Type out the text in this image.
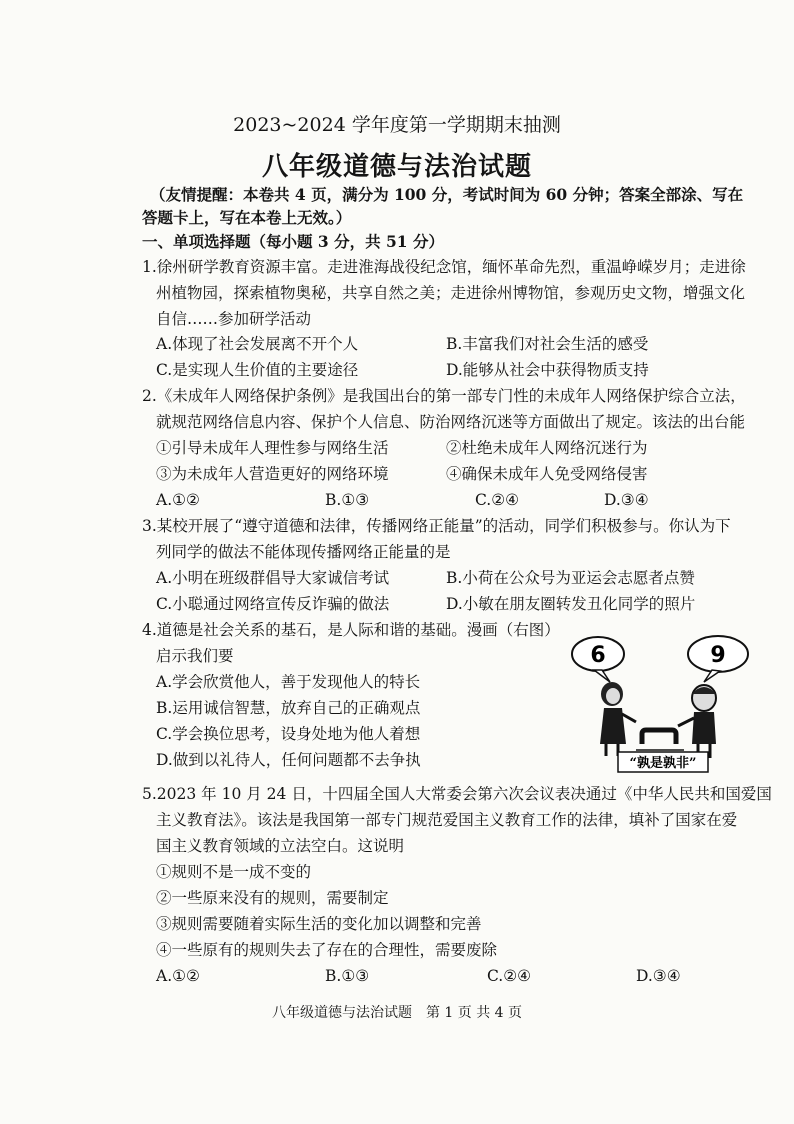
2023~2024 学年度第一学期期末抽测
八年级道德与法治试题
（友情提醒：本卷共 4 页，满分为 100 分，考试时间为 60 分钟；答案全部涂、写在
答题卡上，写在本卷上无效。）
一、单项选择题（每小题 3 分，共 51 分）
1.徐州研学教育资源丰富。走进淮海战役纪念馆，缅怀革命先烈，重温峥嵘岁月；走进徐
州植物园，探索植物奥秘，共享自然之美；走进徐州博物馆，参观历史文物，增强文化
自信……参加研学活动
A.体现了社会发展离不开个人	B.丰富我们对社会生活的感受
C.是实现人生价值的主要途径	D.能够从社会中获得物质支持
2.《未成年人网络保护条例》是我国出台的第一部专门性的未成年人网络保护综合立法，
就规范网络信息内容、保护个人信息、防治网络沉迷等方面做出了规定。该法的出台能
①引导未成年人理性参与网络生活	②杜绝未成年人网络沉迷行为
③为未成年人营造更好的网络环境	④确保未成年人免受网络侵害
A.①②	B.①③	C.②④	D.③④
3.某校开展了“遵守道德和法律，传播网络正能量”的活动，同学们积极参与。你认为下
列同学的做法不能体现传播网络正能量的是
A.小明在班级群倡导大家诚信考试	B.小荷在公众号为亚运会志愿者点赞
C.小聪通过网络宣传反诈骗的做法	D.小敏在朋友圈转发丑化同学的照片
4.道德是社会关系的基石，是人际和谐的基础。漫画（右图）
启示我们要
A.学会欣赏他人，善于发现他人的特长
B.运用诚信智慧，放弃自己的正确观点
C.学会换位思考，设身处地为他人着想
D.做到以礼待人，任何问题都不去争执
6	9
“孰是孰非”
5.2023 年 10 月 24 日，十四届全国人大常委会第六次会议表决通过《中华人民共和国爱国
主义教育法》。该法是我国第一部专门规范爱国主义教育工作的法律，填补了国家在爱
国主义教育领域的立法空白。这说明
①规则不是一成不变的
②一些原来没有的规则，需要制定
③规则需要随着实际生活的变化加以调整和完善
④一些原有的规则失去了存在的合理性，需要废除
A.①②	B.①③	C.②④	D.③④
八年级道德与法治试题　第 1 页 共 4 页
